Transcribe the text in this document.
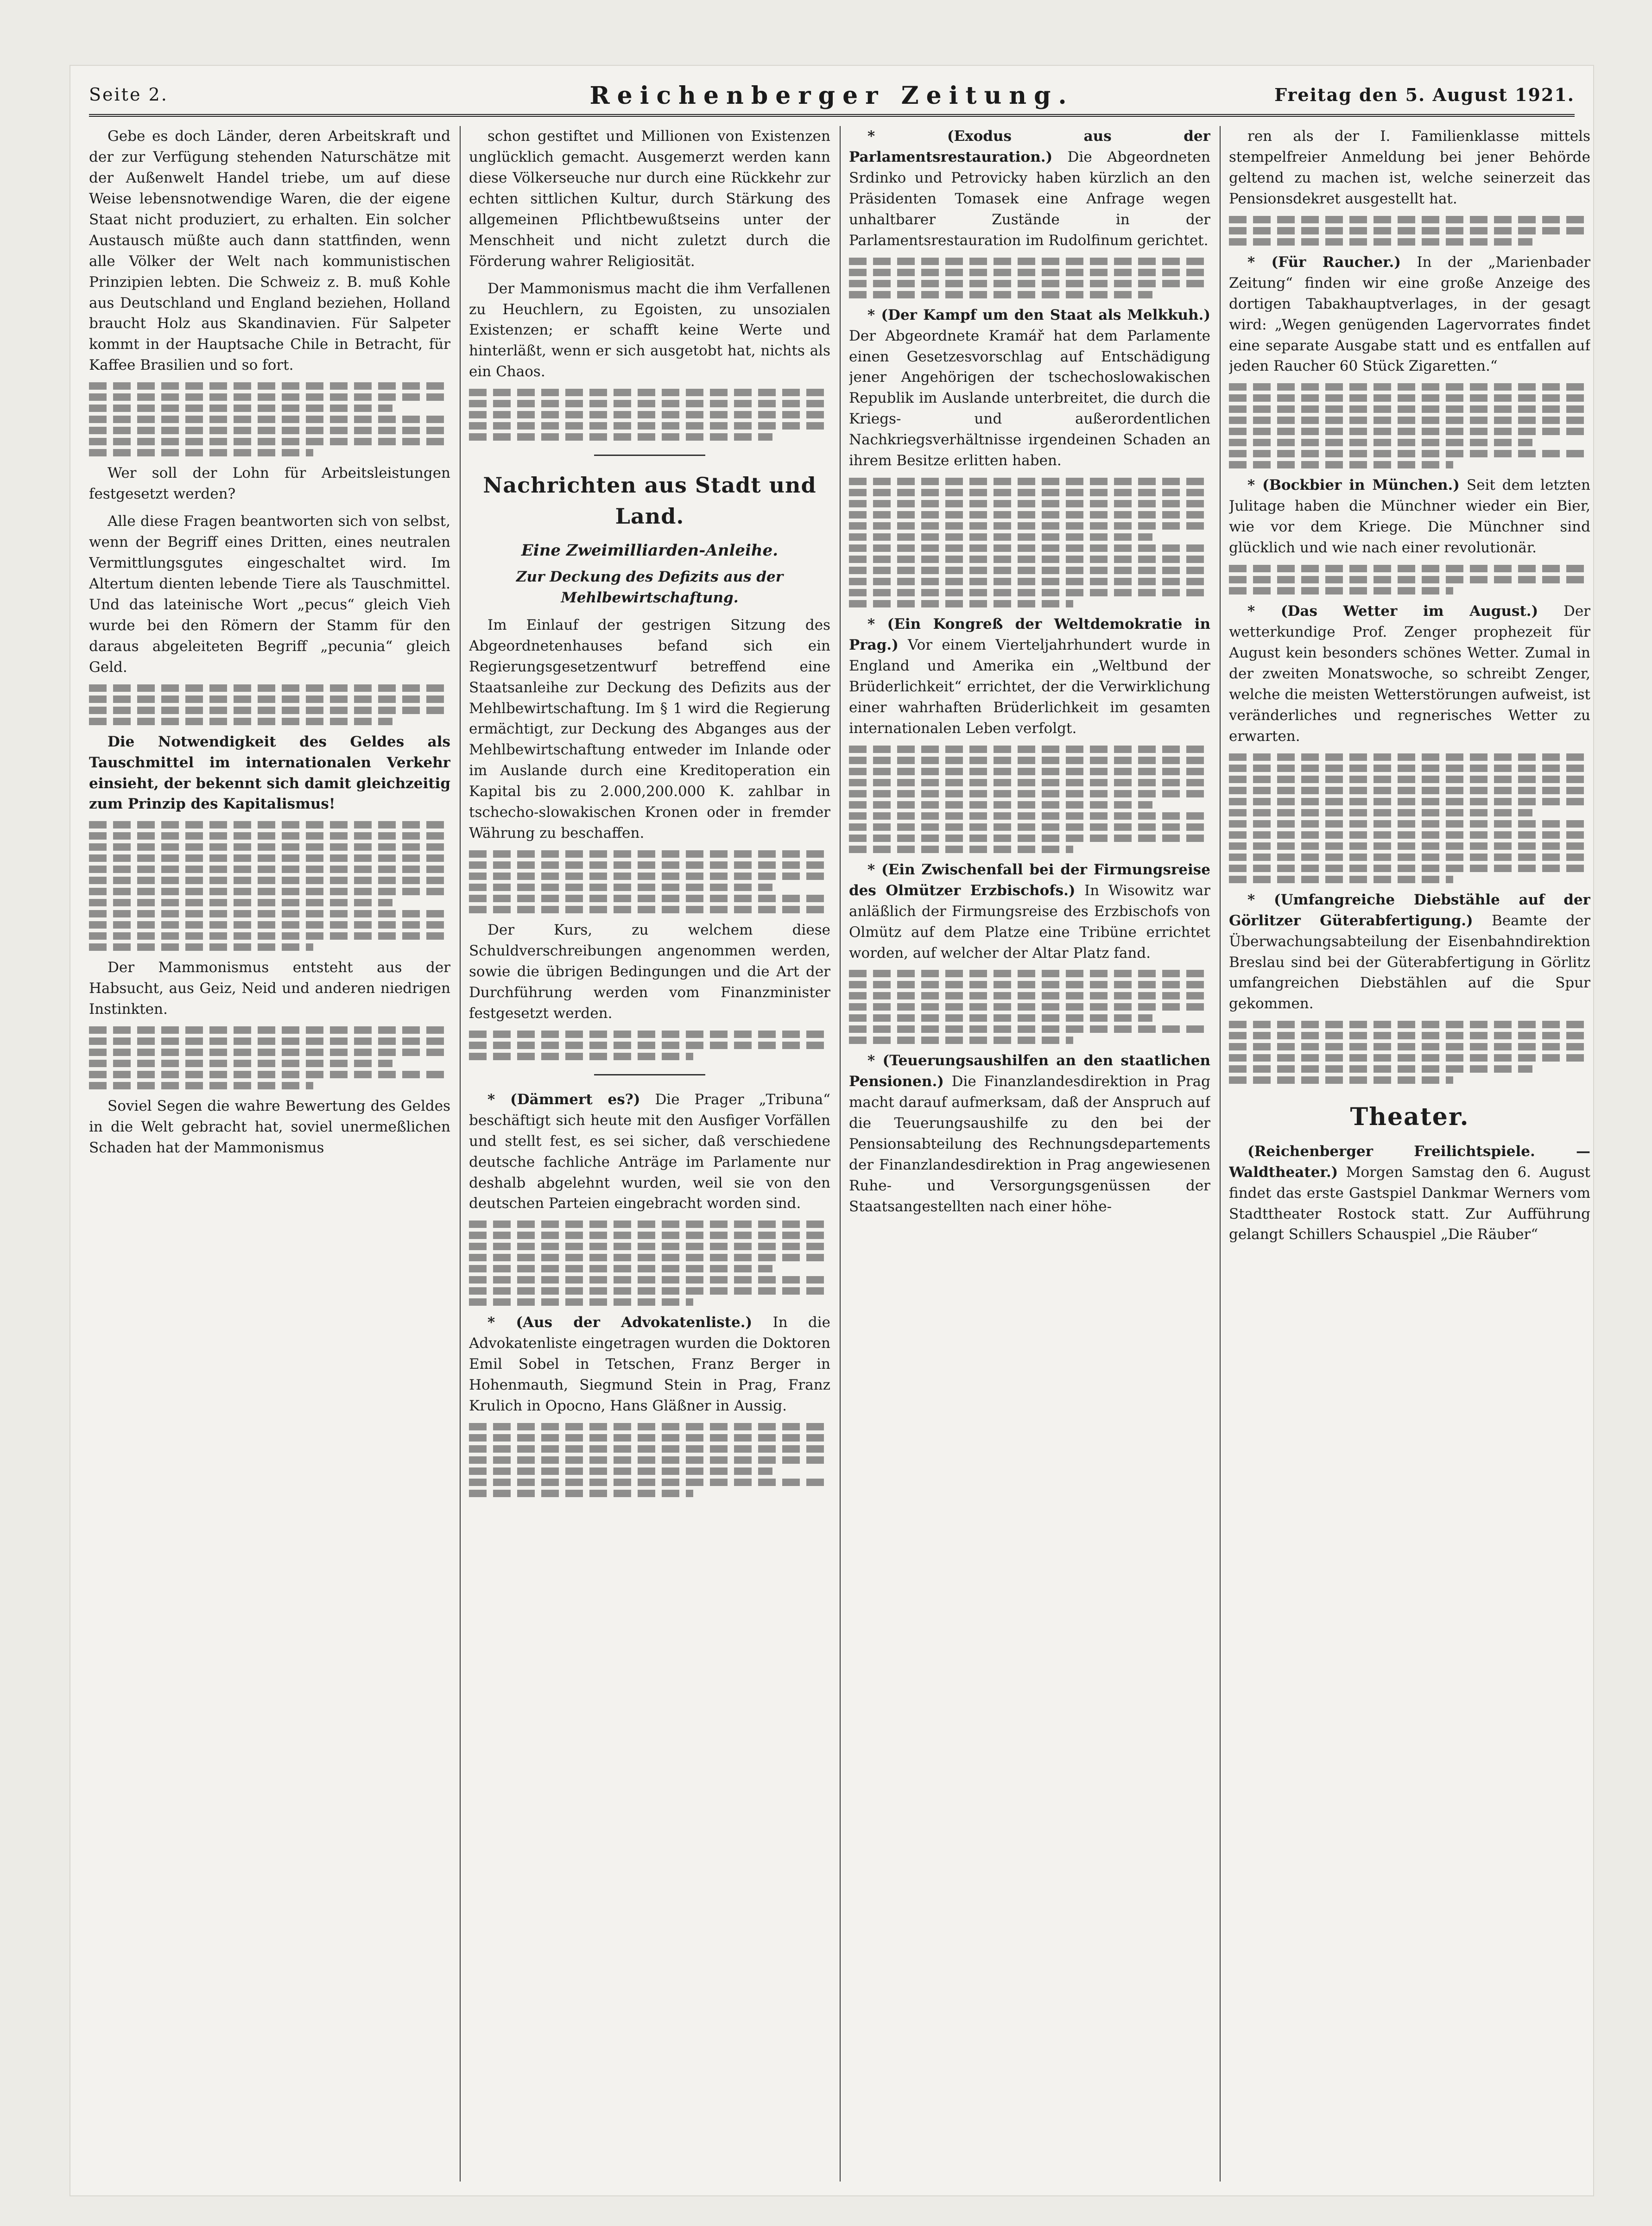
Seite 2.	Reichenberger Zeitung.	Freitag den 5. August 1921.

Gebe es doch Länder, deren Arbeitskraft und der zur Verfügung stehenden Naturschätze mit der Außenwelt Handel triebe, um auf diese Weise lebensnotwendige Waren, die der eigene Staat nicht produziert, zu erhalten. Ein solcher Austausch müßte auch dann stattfinden, wenn alle Völker der Welt nach kommunistischen Prinzipien lebten. Die Schweiz z. B. muß Kohle aus Deutschland und England beziehen, Holland braucht Holz aus Skandinavien. Für Salpeter kommt in der Hauptsache Chile in Betracht, für Kaffee Brasilien und so fort.

Wer soll der Lohn für Arbeitsleistungen festgesetzt werden?

Alle diese Fragen beantworten sich von selbst, wenn der Begriff eines Dritten, eines neutralen Vermittlungsgutes eingeschaltet wird. Im Altertum dienten lebende Tiere als Tauschmittel. Und das lateinische Wort „pecus“ gleich Vieh wurde bei den Römern der Stamm für den daraus abgeleiteten Begriff „pecunia“ gleich Geld.

Die Notwendigkeit des Geldes als Tauschmittel im internationalen Verkehr einsieht, der bekennt sich damit gleichzeitig zum Prinzip des Kapitalismus!

Der Mammonismus entsteht aus der Habsucht, aus Geiz, Neid und anderen niedrigen Instinkten.

Soviel Segen die wahre Bewertung des Geldes in die Welt gebracht hat, soviel unermeßlichen Schaden hat der Mammonismus

schon gestiftet und Millionen von Existenzen unglücklich gemacht. Ausgemerzt werden kann diese Völkerseuche nur durch eine Rückkehr zur echten sittlichen Kultur, durch Stärkung des allgemeinen Pflichtbewußtseins unter der Menschheit und nicht zuletzt durch die Förderung wahrer Religiosität.

Der Mammonismus macht die ihm Verfallenen zu Heuchlern, zu Egoisten, zu unsozialen Existenzen; er schafft keine Werte und hinterläßt, wenn er sich ausgetobt hat, nichts als ein Chaos.

Nachrichten aus Stadt und Land.
Eine Zweimilliarden-Anleihe.
Zur Deckung des Defizits aus der Mehlbewirtschaftung.

Im Einlauf der gestrigen Sitzung des Abgeordnetenhauses befand sich ein Regierungsgesetzentwurf betreffend eine Staatsanleihe zur Deckung des Defizits aus der Mehlbewirtschaftung. Im § 1 wird die Regierung ermächtigt, zur Deckung des Abganges aus der Mehlbewirtschaftung entweder im Inlande oder im Auslande durch eine Kreditoperation ein Kapital bis zu 2.000,200.000 K. zahlbar in tschecho-slowakischen Kronen oder in fremder Währung zu beschaffen.

Der Kurs, zu welchem diese Schuldverschreibungen angenommen werden, sowie die übrigen Bedingungen und die Art der Durchführung werden vom Finanzminister festgesetzt werden.

* (Dämmert es?) Die Prager „Tribuna“ beschäftigt sich heute mit den Ausfiger Vorfällen und stellt fest, es sei sicher, daß verschiedene deutsche fachliche Anträge im Parlamente nur deshalb abgelehnt wurden, weil sie von den deutschen Parteien eingebracht worden sind.

* (Aus der Advokatenliste.) In die Advokatenliste eingetragen wurden die Doktoren Emil Sobel in Tetschen, Franz Berger in Hohenmauth, Siegmund Stein in Prag, Franz Krulich in Opocno, Hans Gläßner in Aussig.

* (Exodus aus der Parlamentsrestauration.) Die Abgeordneten Srdinko und Petrovicky haben kürzlich an den Präsidenten Tomasek eine Anfrage wegen unhaltbarer Zustände in der Parlamentsrestauration im Rudolfinum gerichtet.

* (Der Kampf um den Staat als Melkkuh.) Der Abgeordnete Kramář hat dem Parlamente einen Gesetzesvorschlag auf Entschädigung jener Angehörigen der tschechoslowakischen Republik im Auslande unterbreitet, die durch die Kriegs- und außerordentlichen Nachkriegsverhältnisse irgendeinen Schaden an ihrem Besitze erlitten haben.

* (Ein Kongreß der Weltdemokratie in Prag.) Vor einem Vierteljahrhundert wurde in England und Amerika ein „Weltbund der Brüderlichkeit“ errichtet, der die Verwirklichung einer wahrhaften Brüderlichkeit im gesamten internationalen Leben verfolgt.

* (Ein Zwischenfall bei der Firmungsreise des Olmützer Erzbischofs.) In Wisowitz war anläßlich der Firmungsreise des Erzbischofs von Olmütz auf dem Platze eine Tribüne errichtet worden, auf welcher der Altar Platz fand.

* (Teuerungsaushilfen an den staatlichen Pensionen.) Die Finanzlandesdirektion in Prag macht darauf aufmerksam, daß der Anspruch auf die Teuerungsaushilfe zu den bei der Pensionsabteilung des Rechnungsdepartements der Finanzlandesdirektion in Prag angewiesenen Ruhe- und Versorgungsgenüssen der Staatsangestellten nach einer höhe-

ren als der I. Familienklasse mittels stempelfreier Anmeldung bei jener Behörde geltend zu machen ist, welche seinerzeit das Pensionsdekret ausgestellt hat.

* (Für Raucher.) In der „Marienbader Zeitung“ finden wir eine große Anzeige des dortigen Tabakhauptverlages, in der gesagt wird: „Wegen genügenden Lagervorrates findet eine separate Ausgabe statt und es entfallen auf jeden Raucher 60 Stück Zigaretten.“

* (Bockbier in München.) Seit dem letzten Julitage haben die Münchner wieder ein Bier, wie vor dem Kriege. Die Münchner sind glücklich und wie nach einer revolutionär.

* (Das Wetter im August.) Der wetterkundige Prof. Zenger prophezeit für August kein besonders schönes Wetter. Zumal in der zweiten Monatswoche, so schreibt Zenger, welche die meisten Wetterstörungen aufweist, ist veränderliches und regnerisches Wetter zu erwarten.

* (Umfangreiche Diebstähle auf der Görlitzer Güterabfertigung.) Beamte der Überwachungsabteilung der Eisenbahndirektion Breslau sind bei der Güterabfertigung in Görlitz umfangreichen Diebstählen auf die Spur gekommen.

Theater.

(Reichenberger Freilichtspiele. — Waldtheater.) Morgen Samstag den 6. August findet das erste Gastspiel Dankmar Werners vom Stadttheater Rostock statt. Zur Aufführung gelangt Schillers Schauspiel „Die Räuber“
